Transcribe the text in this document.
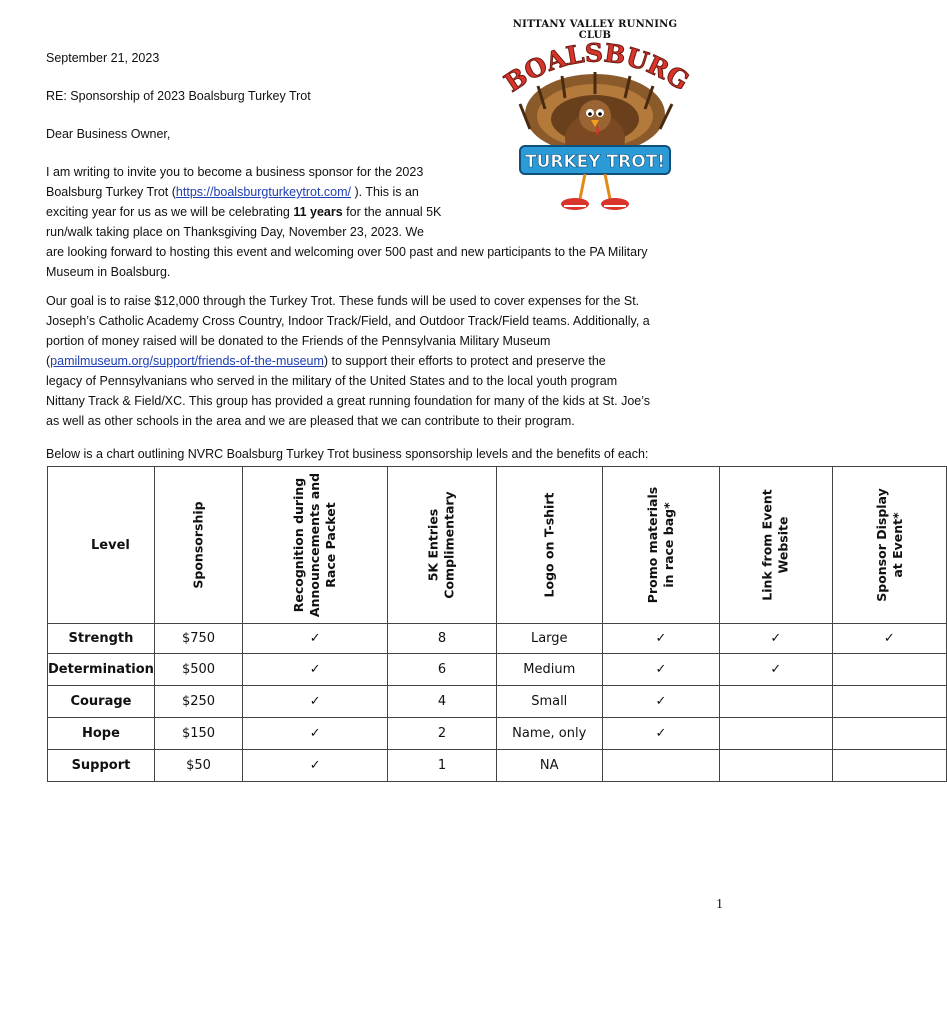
NITTANY VALLEY RUNNING CLUB
BOALSBURG
TURKEY TROT!
September 21, 2023
RE: Sponsorship of 2023 Boalsburg Turkey Trot
Dear Business Owner,
I am writing to invite you to become a business sponsor for the 2023
Boalsburg Turkey Trot (https://boalsburgturkeytrot.com/ ). This is an
exciting year for us as we will be celebrating 11 years for the annual 5K
run/walk taking place on Thanksgiving Day, November 23, 2023. We
are looking forward to hosting this event and welcoming over 500 past and new participants to the PA Military
Museum in Boalsburg.
Our goal is to raise $12,000 through the Turkey Trot. These funds will be used to cover expenses for the St.
Joseph’s Catholic Academy Cross Country, Indoor Track/Field, and Outdoor Track/Field teams. Additionally, a
portion of money raised will be donated to the Friends of the Pennsylvania Military Museum
(pamilmuseum.org/support/friends-of-the-museum) to support their efforts to protect and preserve the
legacy of Pennsylvanians who served in the military of the United States and to the local youth program
Nittany Track & Field/XC. This group has provided a great running foundation for many of the kids at St. Joe’s
as well as other schools in the area and we are pleased that we can contribute to their program.
Below is a chart outlining NVRC Boalsburg Turkey Trot business sponsorship levels and the benefits of each:
Level	Sponsorship	Recognition during
Announcements and
Race Packet	5K Entries
Complimentary	Logo on T-shirt	Promo materials
in race bag*	Link from Event
Website	Sponsor Display
at Event*
Strength	$750	✓	8	Large	✓	✓	✓
Determination	$500	✓	6	Medium	✓	✓	
Courage	$250	✓	4	Small	✓		
Hope	$150	✓	2	Name, only	✓		
Support	$50	✓	1	NA			
1
